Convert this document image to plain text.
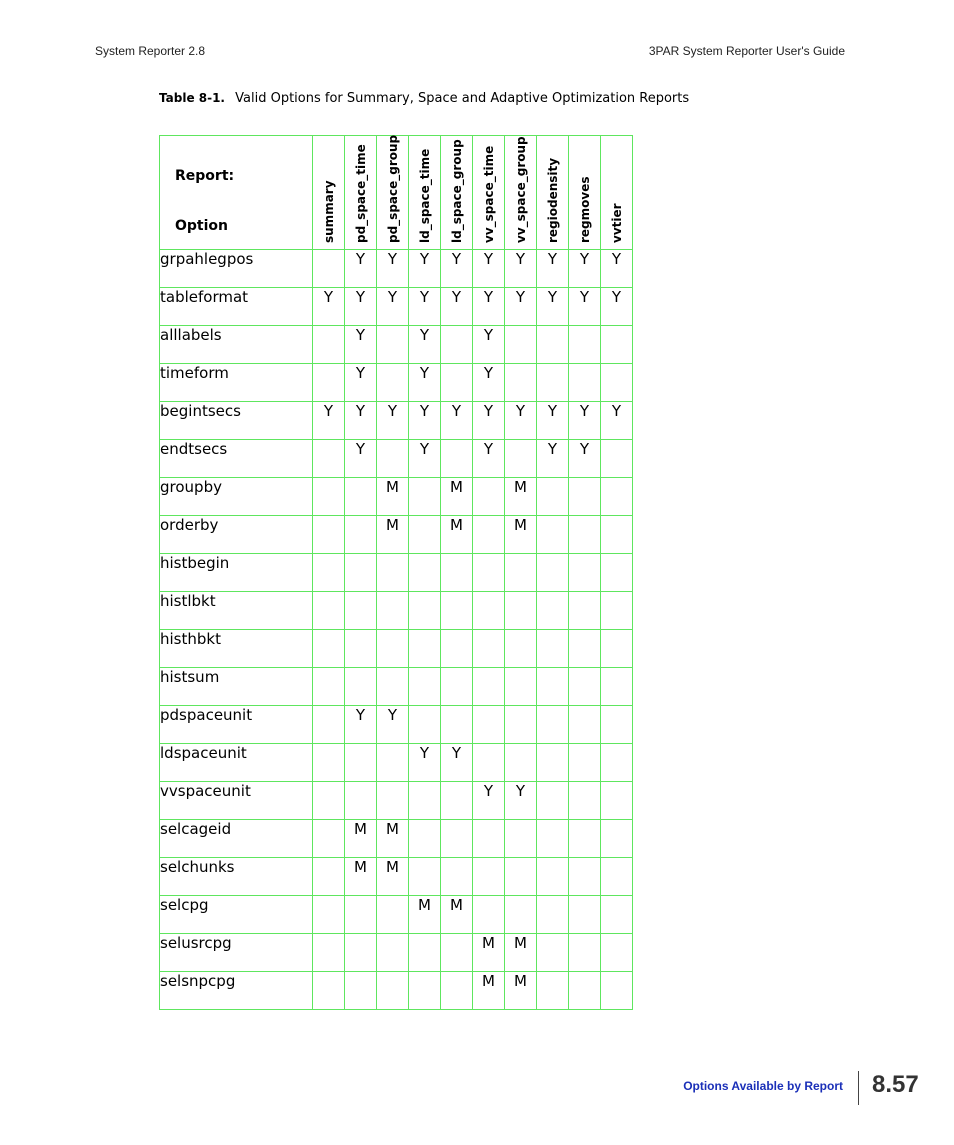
System Reporter 2.8	3PAR System Reporter User's Guide
Table 8-1. Valid Options for Summary, Space and Adaptive Optimization Reports
Report:
Option	summary	pd_space_time	pd_space_group	ld_space_time	ld_space_group	vv_space_time	vv_space_group	regiodensity	regmoves	vvtier

grpahlegpos		Y	Y	Y	Y	Y	Y	Y	Y	Y
tableformat	Y	Y	Y	Y	Y	Y	Y	Y	Y	Y
alllabels		Y		Y		Y				
timeform		Y		Y		Y				
begintsecs	Y	Y	Y	Y	Y	Y	Y	Y	Y	Y
endtsecs		Y		Y		Y		Y	Y	
groupby			M		M		M			
orderby			M		M		M			
histbegin										
histlbkt										
histhbkt										
histsum										
pdspaceunit		Y	Y							
ldspaceunit				Y	Y					
vvspaceunit						Y	Y			
selcageid		M	M							
selchunks		M	M							
selcpg				M	M					
selusrcpg						M	M			
selsnpcpg						M	M			
Options Available by Report 8.57
